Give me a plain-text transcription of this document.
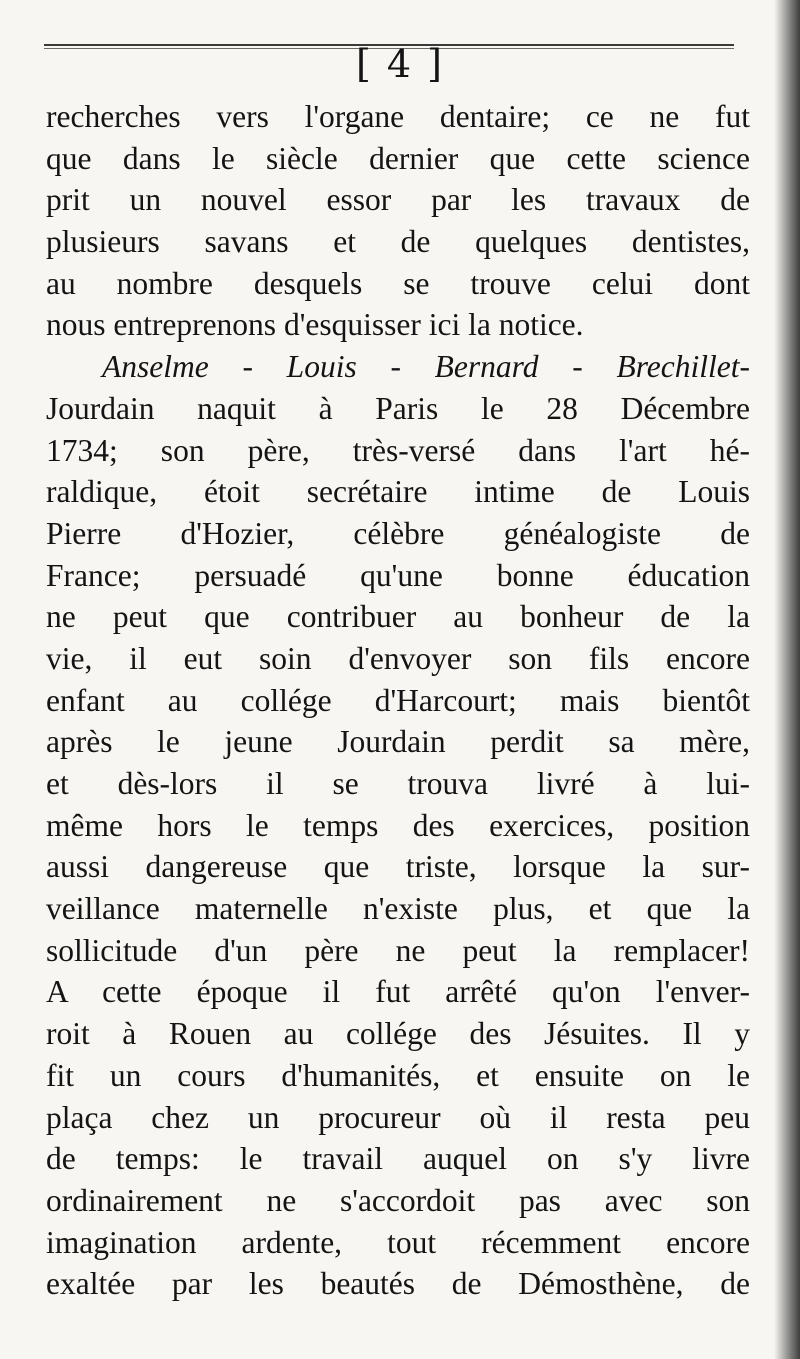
[ 4 ]
recherches vers l'organe dentaire; ce ne fut
que dans le siècle dernier que cette science
prit un nouvel essor par les travaux de
plusieurs savans et de quelques dentistes,
au nombre desquels se trouve celui dont
nous entreprenons d'esquisser ici la notice.
Anselme - Louis - Bernard - Brechillet-
Jourdain naquit à Paris le 28 Décembre
1734; son père, très-versé dans l'art hé-
raldique, étoit secrétaire intime de Louis
Pierre d'Hozier, célèbre généalogiste de
France; persuadé qu'une bonne éducation
ne peut que contribuer au bonheur de la
vie, il eut soin d'envoyer son fils encore
enfant au collége d'Harcourt; mais bientôt
après le jeune Jourdain perdit sa mère,
et dès-lors il se trouva livré à lui-
même hors le temps des exercices, position
aussi dangereuse que triste, lorsque la sur-
veillance maternelle n'existe plus, et que la
sollicitude d'un père ne peut la remplacer!
A cette époque il fut arrêté qu'on l'enver-
roit à Rouen au collége des Jésuites. Il y
fit un cours d'humanités, et ensuite on le
plaça chez un procureur où il resta peu
de temps: le travail auquel on s'y livre
ordinairement ne s'accordoit pas avec son
imagination ardente, tout récemment encore
exaltée par les beautés de Démosthène, de
